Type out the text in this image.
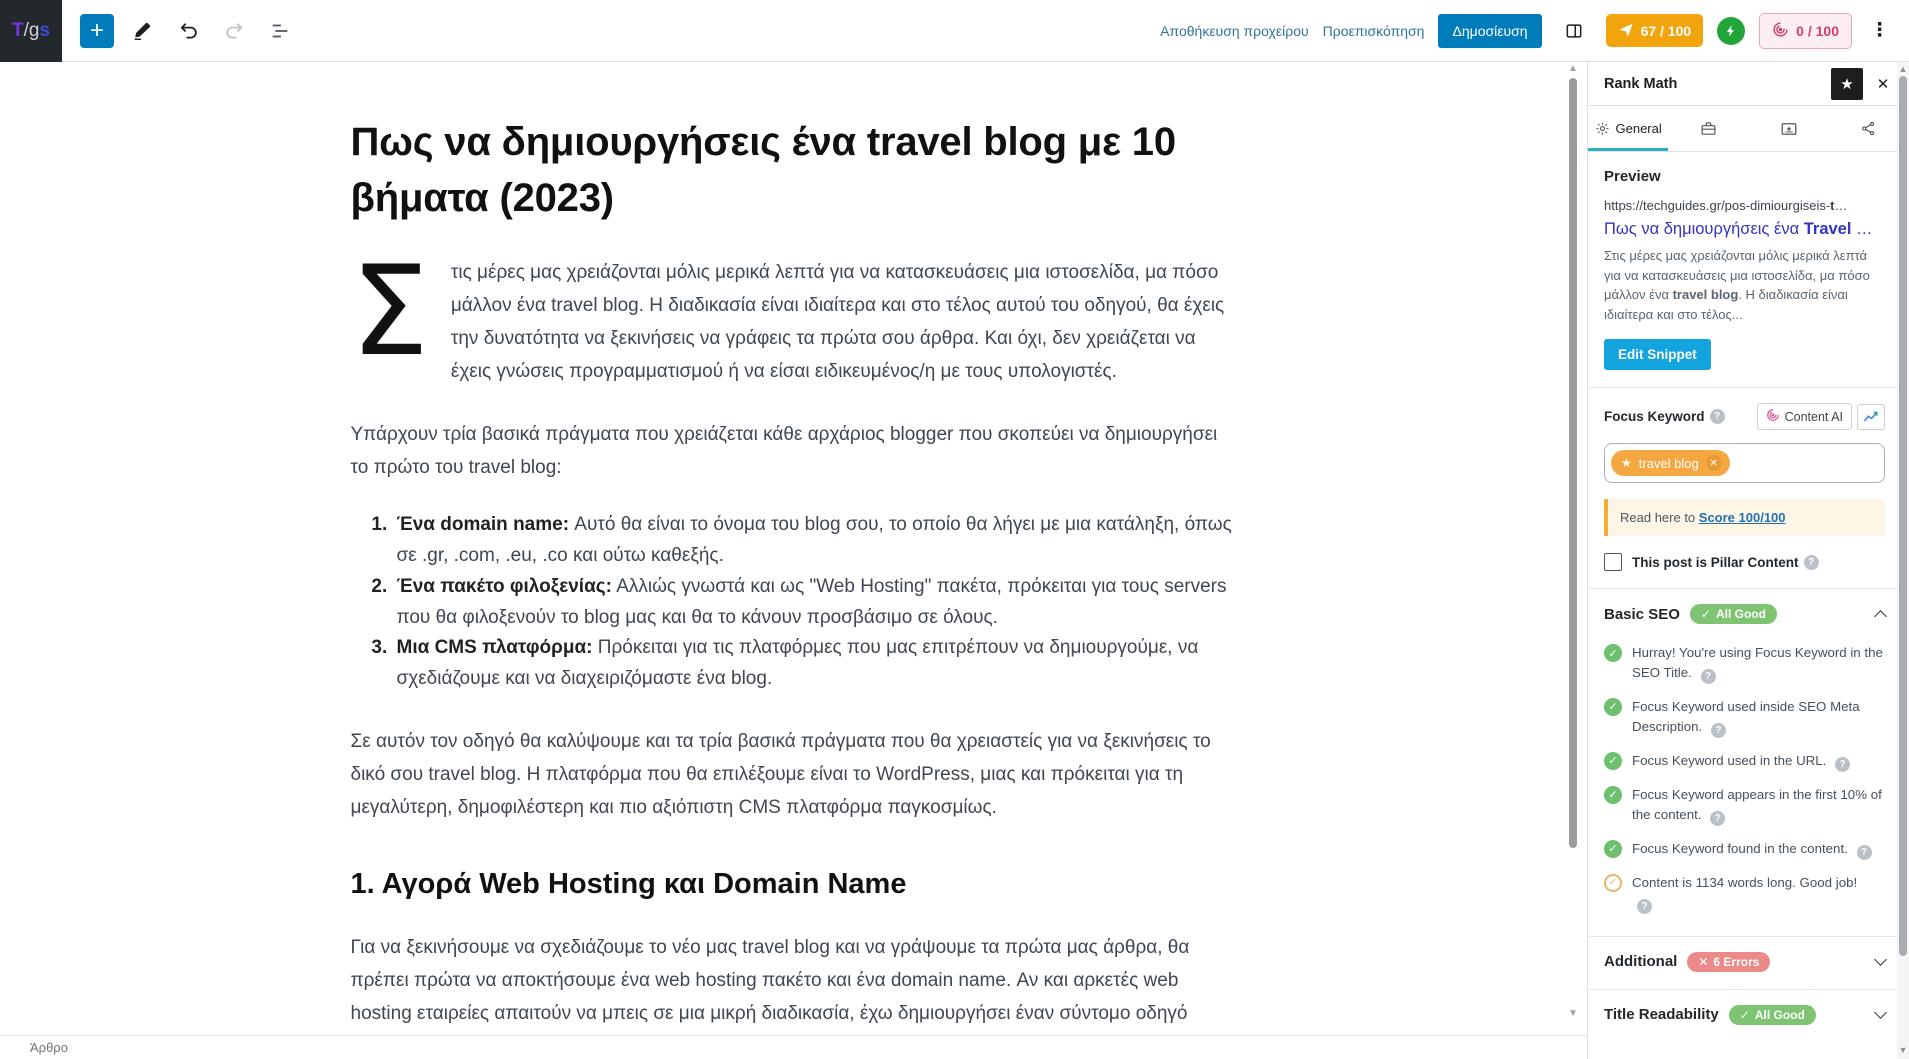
T/gs	+	Αποθήκευση προχείρου Προεπισκόπηση	Δημοσίευση	67 / 100	0 / 100 ⋮
Πως να δημιουργήσεις ένα travel blog με 10 βήματα (2023)

Σ	τις μέρες μας χρειάζονται μόλις μερικά λεπτά για να κατασκευάσεις μια ιστοσελίδα, μα πόσο μάλλον ένα travel blog. Η διαδικασία είναι ιδιαίτερα και στο τέλος αυτού του οδηγού, θα έχεις την δυνατότητα να ξεκινήσεις να γράφεις τα πρώτα σου άρθρα. Και όχι, δεν χρειάζεται να έχεις γνώσεις προγραμματισμού ή να είσαι ειδικευμένος/η με τους υπολογιστές.

Υπάρχουν τρία βασικά πράγματα που χρειάζεται κάθε αρχάριος blogger που σκοπεύει να δημιουργήσει το πρώτο του travel blog:

1. Ένα domain name: Αυτό θα είναι το όνομα του blog σου, το οποίο θα λήγει με μια κατάληξη, όπως σε .gr, .com, .eu, .co και ούτω καθεξής.
2. Ένα πακέτο φιλοξενίας: Αλλιώς γνωστά και ως "Web Hosting" πακέτα, πρόκειται για τους servers που θα φιλοξενούν το blog μας και θα το κάνουν προσβάσιμο σε όλους.
3. Μια CMS πλατφόρμα: Πρόκειται για τις πλατφόρμες που μας επιτρέπουν να δημιουργούμε, να σχεδιάζουμε και να διαχειριζόμαστε ένα blog.

Σε αυτόν τον οδηγό θα καλύψουμε και τα τρία βασικά πράγματα που θα χρειαστείς για να ξεκινήσεις το δικό σου travel blog. Η πλατφόρμα που θα επιλέξουμε είναι το WordPress, μιας και πρόκειται για τη μεγαλύτερη, δημοφιλέστερη και πιο αξιόπιστη CMS πλατφόρμα παγκοσμίως.

1. Αγορά Web Hosting και Domain Name

Για να ξεκινήσουμε να σχεδιάζουμε το νέο μας travel blog και να γράψουμε τα πρώτα μας άρθρα, θα πρέπει πρώτα να αποκτήσουμε ένα web hosting πακέτο και ένα domain name. Αν και αρκετές web hosting εταιρείες απαιτούν να μπεις σε μια μικρή διαδικασία, έχω δημιουργήσει έναν σύντομο οδηγό

▲
▼
Rank Math	★ ✕
General
Preview
https://techguides.gr/pos-dimiourgiseis-t…
Πως να δημιουργήσεις ένα Travel …
Στις μέρες μας χρειάζονται μόλις μερικά λεπτά για να κατασκευάσεις μια ιστοσελίδα, μα πόσο μάλλον ένα travel blog. Η διαδικασία είναι ιδιαίτερα και στο τέλος...
Edit Snippet
Focus Keyword ?	Content AI
★ travel blog	✕
Read here to Score 100/100
This post is Pillar Content ?
Basic SEO ✓ All Good
✓
Hurray! You're using Focus Keyword in the SEO Title. ?
✓
Focus Keyword used inside SEO Meta Description. ?
✓
Focus Keyword used in the URL. ?
✓
Focus Keyword appears in the first 10% of the content. ?
✓
Focus Keyword found in the content. ?
✓
Content is 1134 words long. Good job!
?
Additional ✕ 6 Errors
Title Readability ✓ All Good
▲
▼
Άρθρο
